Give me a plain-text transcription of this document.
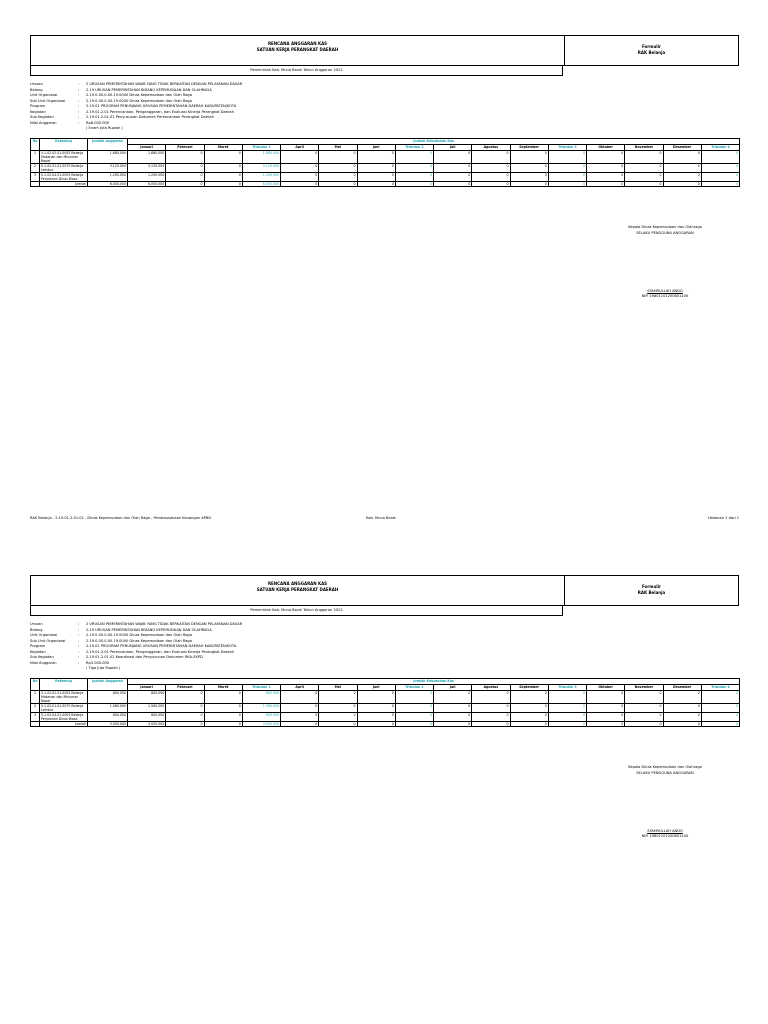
RENCANA ANGGARAN KAS
SATUAN KERJA PERANGKAT DAERAH
Formulir
RAK Belanja
Pemerintah Kab. Muna Barat Tahun Anggaran 2022
Urusan	: 2 URUSAN PEMERINTAHAN WAJIB YANG TIDAK BERKAITAN DENGAN PELAYANAN DASAR
Bidang	: 2.19 URUSAN PEMERINTAHAN BIDANG KEPEMUDAAN DAN OLAHRAGA
Unit Organisasi	: 2.19.0.00.0.00.19.0000 Dinas Kepemudaan dan Olah Raga
Sub Unit Organisasi	: 2.19.0.00.0.00.19.0000 Dinas Kepemudaan dan Olah Raga
Program	: 2.19.01 PROGRAM PENUNJANG URUSAN PEMERINTAHAN DAERAH KABUPATEN/KOTA
Kegiatan	: 2.19.01.2.01 Perencanaan, Penganggaran, dan Evaluasi Kinerja Perangkat Daerah
Sub Kegiatan	: 2.19.01.2.01.01 Penyusunan Dokumen Perencanaan Perangkat Daerah
Nilai Anggaran	: Rp8.000.000
( Enam Juta Rupiah )
No	Rekening	Jumlah Anggaran	Jumlah Kebutuhan Kas															
			Januari	Februari	Maret	Triwulan 1	April	Mei	Juni	Triwulan 2	Juli	Agustus	September	Triwulan 3	Oktober	November	Desember	Triwulan 4
1	5.1.02.02.01.0052 Belanja Makanan dan Minuman Rapat	1.680.000	1.680.000	0	0	1.680.000	0	0	0	0	0	0	0	0	0	0	0	0
2	5.1.02.01.01.0075 Belanja Lembur	3.120.000	3.120.000	0	0	3.120.000	0	0	0	0	0	0	0	0	0	0	0	0
3	5.1.02.04.01.0003 Belanja Perjalanan Dinas Biasa	1.200.000	1.200.000	0	0	1.200.000	0	0	0	0	0	0	0	0	0	0	0	0
	Jumlah	6.000.000	6.000.000	0	0	6.000.000	0	0	0	0	0	0	0	0	0	0	0	0
Kepala Dinas Kepemudaan dan Olahraga
SELAKU PENGGUNA ANGGARAN
SYAHRULLAH ANDO
NIP. 19801101200801100
RAK Belanja - 2.19.01.2.01.01 - Dinas Kepemudaan dan Olah Raga - Penatausahaan Keuangan APBD	Kab. Muna Barat	Halaman 1 dari 1
RENCANA ANGGARAN KAS
SATUAN KERJA PERANGKAT DAERAH
Formulir
RAK Belanja
Pemerintah Kab. Muna Barat Tahun Anggaran 2022
Urusan	: 2 URUSAN PEMERINTAHAN WAJIB YANG TIDAK BERKAITAN DENGAN PELAYANAN DASAR
Bidang	: 2.19 URUSAN PEMERINTAHAN BIDANG KEPEMUDAAN DAN OLAHRAGA
Unit Organisasi	: 2.19.0.00.0.00.19.0000 Dinas Kepemudaan dan Olah Raga
Sub Unit Organisasi	: 2.19.0.00.0.00.19.0000 Dinas Kepemudaan dan Olah Raga
Program	: 2.19.01 PROGRAM PENUNJANG URUSAN PEMERINTAHAN DAERAH KABUPATEN/KOTA
Kegiatan	: 2.19.01.2.01 Perencanaan, Penganggaran, dan Evaluasi Kinerja Perangkat Daerah
Sub Kegiatan	: 2.19.01.2.01.02 Koordinasi dan Penyusunan Dokumen RKA-SKPD
Nilai Anggaran	: Rp3.000.000
( Tiga Juta Rupiah )
No	Rekening	Jumlah Anggaran	Jumlah Kebutuhan Kas															
			Januari	Februari	Maret	Triwulan 1	April	Mei	Juni	Triwulan 2	Juli	Agustus	September	Triwulan 3	Oktober	November	Desember	Triwulan 4
1	5.1.02.02.01.0052 Belanja Makanan dan Minuman Rapat	800.000	800.000	0	0	800.000	0	0	0	0	0	0	0	0	0	0	0	0
2	5.1.02.01.01.0075 Belanja Lembur	1.560.000	1.560.000	0	0	1.560.000	0	0	0	0	0	0	0	0	0	0	0	0
3	5.1.02.04.01.0003 Belanja Perjalanan Dinas Biasa	600.000	600.000	0	0	600.000	0	0	0	0	0	0	0	0	0	0	0	0
	Jumlah	3.000.000	3.000.000	0	0	3.000.000	0	0	0	0	0	0	0	0	0	0	0	0
Kepala Dinas Kepemudaan dan Olahraga
SELAKU PENGGUNA ANGGARAN
SYAHRULLAH ANDO
NIP. 19801101200801100
